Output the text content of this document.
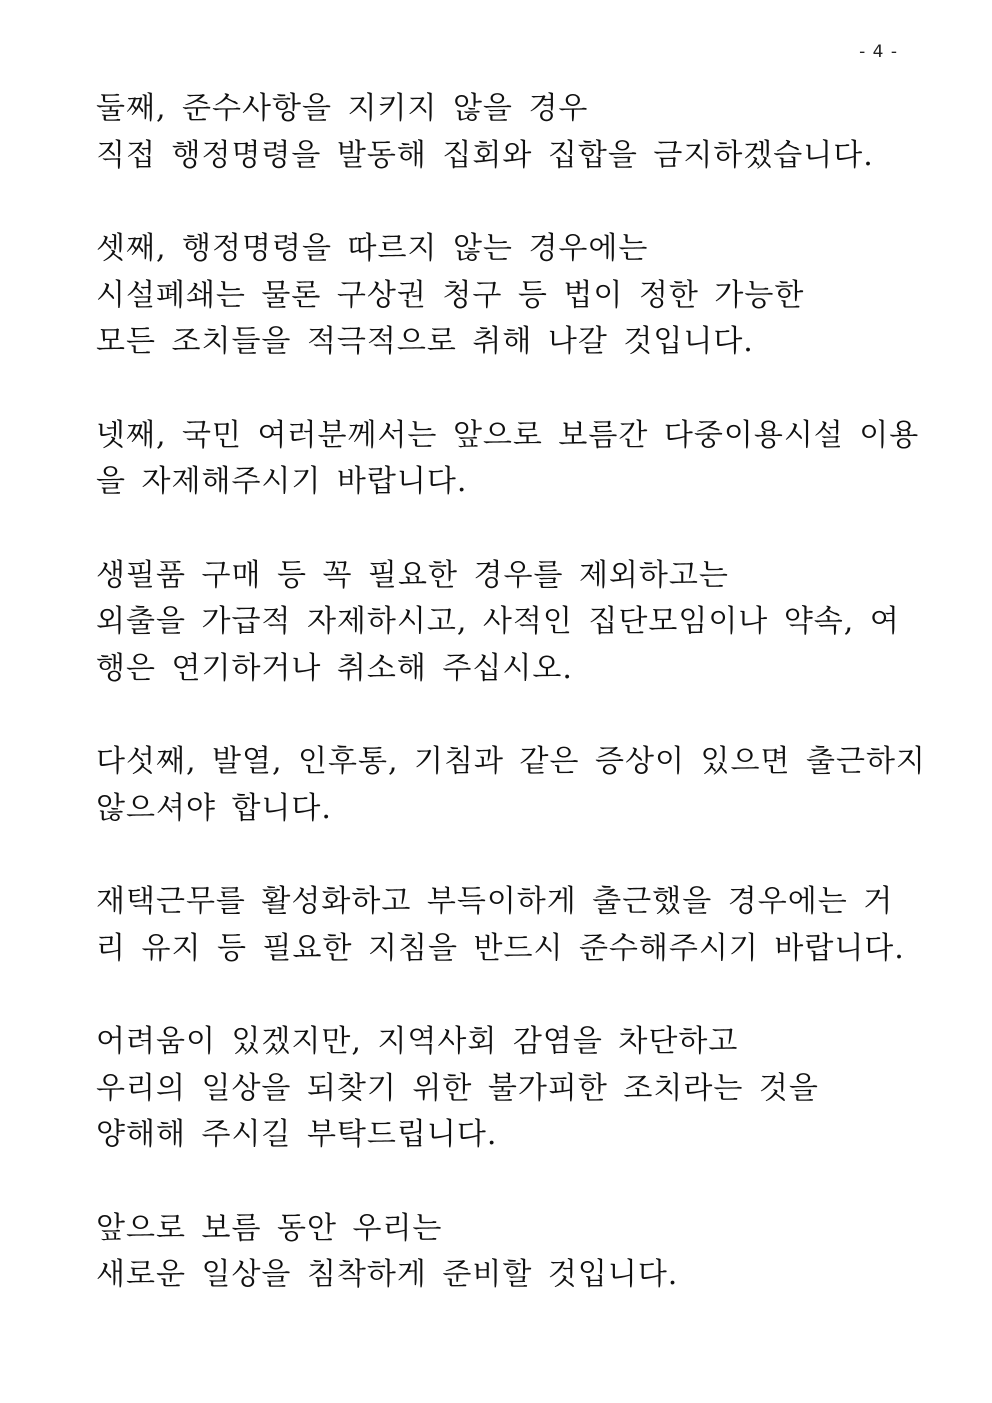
- 4 -
둘째, 준수사항을 지키지 않을 경우
직접 행정명령을 발동해 집회와 집합을 금지하겠습니다.
셋째, 행정명령을 따르지 않는 경우에는
시설폐쇄는 물론 구상권 청구 등 법이 정한 가능한
모든 조치들을 적극적으로 취해 나갈 것입니다.
넷째, 국민 여러분께서는 앞으로 보름간 다중이용시설 이용
을 자제해주시기 바랍니다.
생필품 구매 등 꼭 필요한 경우를 제외하고는
외출을 가급적 자제하시고, 사적인 집단모임이나 약속, 여
행은 연기하거나 취소해 주십시오.
다섯째, 발열, 인후통, 기침과 같은 증상이 있으면 출근하지
않으셔야 합니다.
재택근무를 활성화하고 부득이하게 출근했을 경우에는 거
리 유지 등 필요한 지침을 반드시 준수해주시기 바랍니다.
어려움이 있겠지만, 지역사회 감염을 차단하고
우리의 일상을 되찾기 위한 불가피한 조치라는 것을
양해해 주시길 부탁드립니다.
앞으로 보름 동안 우리는
새로운 일상을 침착하게 준비할 것입니다.
